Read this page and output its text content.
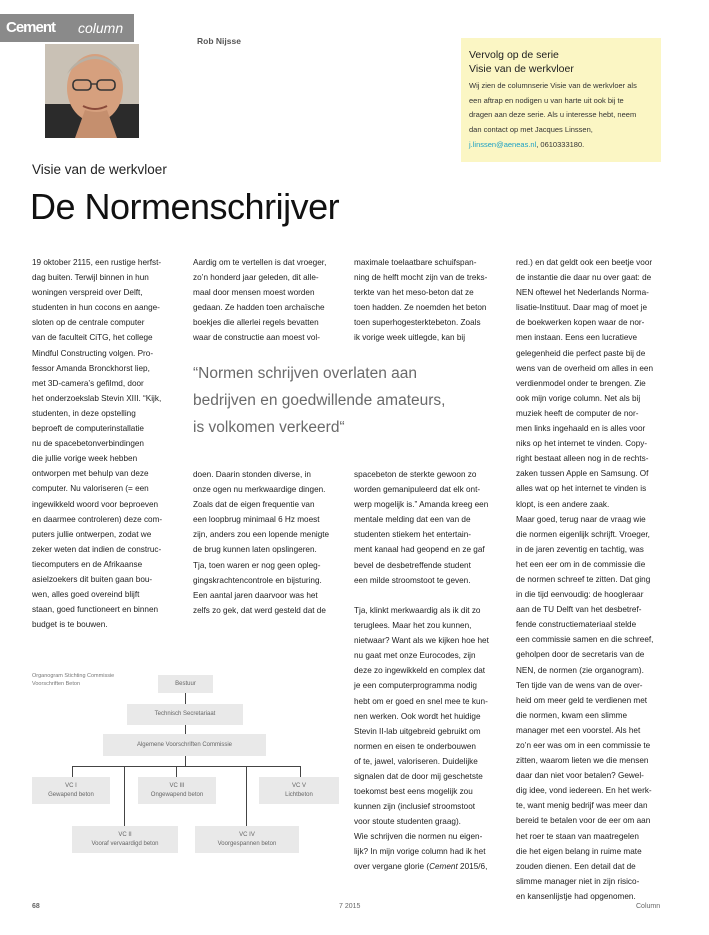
Cement column
Rob Nijsse
Vervolg op de serie
Visie van de werkvloer
Wij zien de columnserie Visie van de werkvloer als
een aftrap en nodigen u van harte uit ook bij te
dragen aan deze serie. Als u interesse hebt, neem
dan contact op met Jacques Linssen,
j.linssen@aeneas.nl, 0610333180.
Visie van de werkvloer
De Normenschrijver

19 oktober 2115, een rustige herfst-

dag buiten. Terwijl binnen in hun

woningen verspreid over Delft,

studenten in hun cocons en aange-

sloten op de centrale computer

van de faculteit CiTG, het college

Mindful Constructing volgen. Pro-

fessor Amanda Bronckhorst liep,

met 3D-camera’s gefilmd, door

het onderzoekslab Stevin XIII. “Kijk,

studenten, in deze opstelling

beproeft de computerinstallatie

nu de spacebetonverbindingen

die jullie vorige week hebben

ontworpen met behulp van deze

computer. Nu valoriseren (= een

ingewikkeld woord voor beproeven

en daarmee controleren) deze com-

puters jullie ontwerpen, zodat we

zeker weten dat indien de construc-

tiecomputers en de Afrikaanse

asielzoekers dit buiten gaan bou-

wen, alles goed overeind blijft

staan, goed functioneert en binnen

budget is te bouwen.

Aardig om te vertellen is dat vroeger,

zo’n honderd jaar geleden, dit alle-

maal door mensen moest worden

gedaan. Ze hadden toen archaïsche

boekjes die allerlei regels bevatten

waar de constructie aan moest vol-

maximale toelaatbare schuifspan-

ning de helft mocht zijn van de treks-

terkte van het meso-beton dat ze

toen hadden. Ze noemden het beton

toen superhogesterktebeton. Zoals

ik vorige week uitlegde, kan bij

“Normen schrijven overlaten aan

bedrijven en goedwillende amateurs,

is volkomen verkeerd“

doen. Daarin stonden diverse, in

onze ogen nu merkwaardige dingen.

Zoals dat de eigen frequentie van

een loopbrug minimaal 6 Hz moest

zijn, anders zou een lopende menigte

de brug kunnen laten opslingeren.

Tja, toen waren er nog geen opleg-

gingskrachtencontrole en bijsturing.

Een aantal jaren daarvoor was het

zelfs zo gek, dat werd gesteld dat de

spacebeton de sterkte gewoon zo

worden gemanipuleerd dat elk ont-

werp mogelijk is.” Amanda kreeg een

mentale melding dat een van de

studenten stiekem het entertain-

ment kanaal had geopend en ze gaf

bevel de desbetreffende student

een milde stroomstoot te geven.

Tja, klinkt merkwaardig als ik dit zo

teruglees. Maar het zou kunnen,

nietwaar? Want als we kijken hoe het

nu gaat met onze Eurocodes, zijn

deze zo ingewikkeld en complex dat

je een computerprogramma nodig

hebt om er goed en snel mee te kun-

nen werken. Ook wordt het huidige

Stevin II-lab uitgebreid gebruikt om

normen en eisen te onderbouwen

of te, jawel, valoriseren. Duidelijke

signalen dat de door mij geschetste

toekomst best eens mogelijk zou

kunnen zijn (inclusief stroomstoot

voor stoute studenten graag).

Wie schrijven die normen nu eigen-

lijk? In mijn vorige column had ik het

over vergane glorie (Cement 2015/6,

red.) en dat geldt ook een beetje voor

de instantie die daar nu over gaat: de

NEN oftewel het Nederlands Norma-

lisatie-Instituut. Daar mag of moet je

de boekwerken kopen waar de nor-

men instaan. Eens een lucratieve

gelegenheid die perfect paste bij de

wens van de overheid om alles in een

verdienmodel onder te brengen. Zie

ook mijn vorige column. Net als bij

muziek heeft de computer de nor-

men links ingehaald en is alles voor

niks op het internet te vinden. Copy-

right bestaat alleen nog in de rechts-

zaken tussen Apple en Samsung. Of

alles wat op het internet te vinden is

klopt, is een andere zaak.

Maar goed, terug naar de vraag wie

die normen eigenlijk schrijft. Vroeger,

in de jaren zeventig en tachtig, was

het een eer om in de commissie die

de normen schreef te zitten. Dat ging

in die tijd eenvoudig: de hoogleraar

aan de TU Delft van het desbetref-

fende constructiemateriaal stelde

een commissie samen en die schreef,

geholpen door de secretaris van de

NEN, de normen (zie organogram).

Ten tijde van de wens van de over-

heid om meer geld te verdienen met

die normen, kwam een slimme

manager met een voorstel. Als het

zo’n eer was om in een commissie te

zitten, waarom lieten we die mensen

daar dan niet voor betalen? Gewel-

dig idee, vond iedereen. En het werk-

te, want menig bedrijf was meer dan

bereid te betalen voor de eer om aan

het roer te staan van maatregelen

die het eigen belang in ruime mate

zouden dienen. Een detail dat de

slimme manager niet in zijn risico-

en kansenlijstje had opgenomen.

Organogram Stichting Commissie
Voorschriften Beton	Bestuur
Technisch Secretariaat
Algemene Voorschriften Commissie
VC I
Gewapend beton
VC III
Ongewapend beton
VC V
Lichtbeton
VC II
Vooraf vervaardigd beton
VC IV
Voorgespannen beton
68	7 2015	Column
